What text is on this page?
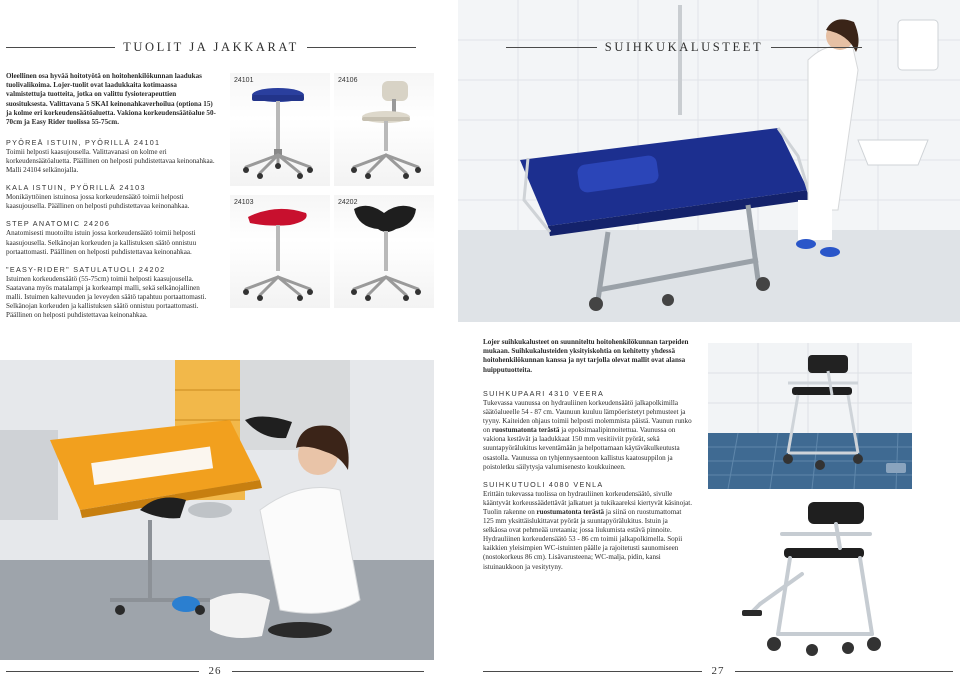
TUOLIT JA JAKKARAT
Oleellinen osa hyvää hoitotyötä on hoitohenkilökunnan laadukas tuolivalikoima. Lojer-tuolit ovat laadukkaita kotimaassa valmistettuja tuotteita, jotka on valittu fysioterapeuttien suosituksesta. Valittavana 5 SKAI keinonahkaverhoilua (optiona 15) ja kolme eri korkeudensäätöaluetta. Vakiona korkeudensäätöalue 50-70cm ja Easy Rider tuolissa 55-75cm.
PYÖREÄ ISTUIN, PYÖRILLÄ 24101
Toimii helposti kaasujousella. Valittavanasi on kolme eri korkeudensäätöaluetta. Päällinen on helposti puhdistettavaa keinonahkaa. Malli 24104 selkänojalla.
KALA ISTUIN, PYÖRILLÄ 24103
Monikäyttöinen istuinosa jossa korkeudensäätö toimii helposti kaasujousella. Päällinen on helposti puhdistettavaa keinonahkaa.
STEP ANATOMIC 24206
Anatomisesti muotoiltu istuin jossa korkeudensäätö toimii helposti kaasujousella. Selkänojan korkeuden ja kallistuksen säätö onnistuu portaattomasti. Päällinen on helposti puhdistettavaa keinonahkaa.
"EASY-RIDER" SATULATUOLI 24202
Istuimen korkeudensäätö (55-75cm) toimii helposti kaasujousella. Saatavana myös matalampi ja korkeampi malli, sekä selkänojallinen malli. Istuimen kaltevuuden ja leveyden säätö tapahtuu portaattomasti. Selkänojan korkeuden ja kallistuksen säätö onnistuu portaattomasti. Päällinen on helposti puhdistettavaa keinonahkaa.
24101	24106
24103	24202
26
SUIHKUKALUSTEET
Lojer suihkukalusteet on suunniteltu hoitohenkilökunnan tarpeiden mukaan. Suihkukalusteiden yksityiskohtia on kehitetty yhdessä hoitohenkilökunnan kanssa ja nyt tarjolla olevat mallit ovat alansa huipputuotteita.
SUIHKUPAARI 4310 VEERA
Tukevassa vaunussa on hydrauliinen korkeudensäätö jalkapolkimilla säätöalueelle 54 - 87 cm. Vaunuun kuuluu lämpöeristetyt pehmusteet ja tyyny. Kaiteiden ohjaus toimii helposti molemmista päistä. Vaunun runko on ruostumatonta terästä ja epoksimaalipinnoitettua. Vaunussa on vakiona kestävät ja laadukkaat 150 mm vesitiiviit pyörät, sekä suuntapyörälukitus keventämään ja helpottamaan käytäväkulkeutusta osastolla. Vaunussa on tyhjennysaentoon kallistus kaatosuppilon ja poistoletku säilytysja valumisenesto koukkuineen.
SUIHKUTUOLI 4080 VENLA
Erittäin tukevassa tuolissa on hydrauliinen korkeudensäätö, sivulle kääntyvät korkeussäädettävät jalkatuet ja tukikaareksi kiertyvät käsinojat. Tuolin rakenne on ruostumatonta terästä ja siinä on ruostumattomat 125 mm yksittäislukittavat pyörät ja suuntapyörälukitus. Istuin ja selkäosa ovat pehmeää uretaania; jossa liukumista estävä pinnoite. Hydrauliinen korkeudensäätö 53 - 86 cm toimii jalkapolkimella. Sopii kaikkien yleisimpien WC-istuinten päälle ja rajoitetusti saunomiseen (nostokorkeus 86 cm). Lisävarusteena; WC-malja, pidin, kansi istuinaukkoon ja vesitytyny.
27
